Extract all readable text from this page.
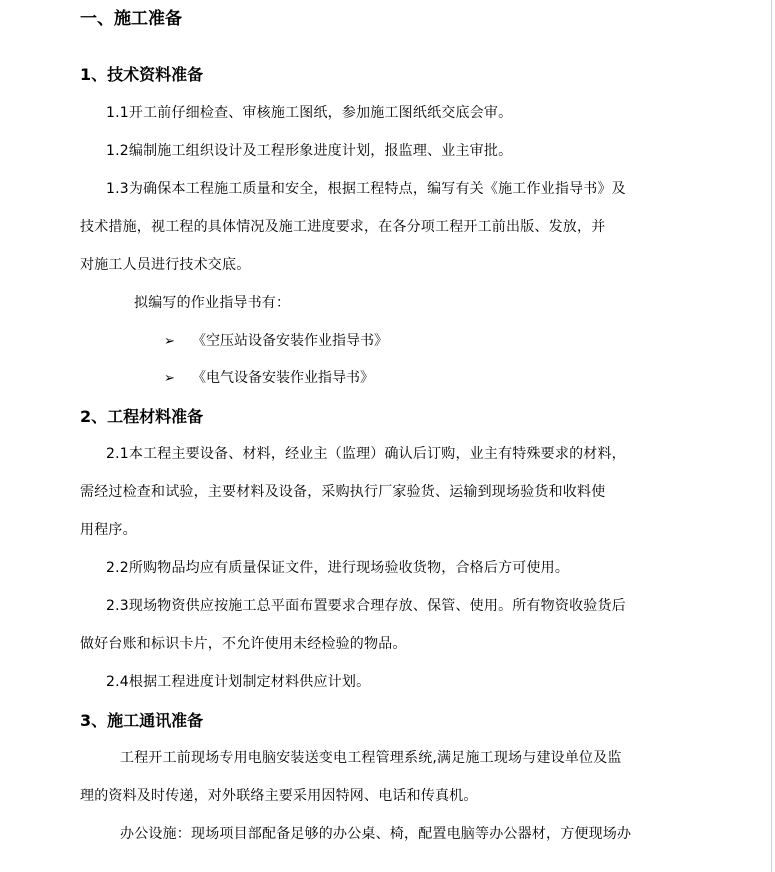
一、施工准备
1、技术资料准备
1.1开工前仔细检查、审核施工图纸，参加施工图纸纸交底会审。
1.2编制施工组织设计及工程形象进度计划，报监理、业主审批。
1.3为确保本工程施工质量和安全，根据工程特点，编写有关《施工作业指导书》及
技术措施，视工程的具体情况及施工进度要求，在各分项工程开工前出版、发放，并
对施工人员进行技术交底。
拟编写的作业指导书有：
➢ 《空压站设备安装作业指导书》
➢ 《电气设备安装作业指导书》
2、工程材料准备
2.1本工程主要设备、材料，经业主（监理）确认后订购，业主有特殊要求的材料，
需经过检查和试验，主要材料及设备，采购执行厂家验货、运输到现场验货和收料使
用程序。
2.2所购物品均应有质量保证文件，进行现场验收货物，合格后方可使用。
2.3现场物资供应按施工总平面布置要求合理存放、保管、使用。所有物资收验货后
做好台账和标识卡片，不允许使用未经检验的物品。
2.4根据工程进度计划制定材料供应计划。
3、施工通讯准备
工程开工前现场专用电脑安装送变电工程管理系统,满足施工现场与建设单位及监
理的资料及时传递，对外联络主要采用因特网、电话和传真机。
办公设施：现场项目部配备足够的办公桌、椅，配置电脑等办公器材，方便现场办
